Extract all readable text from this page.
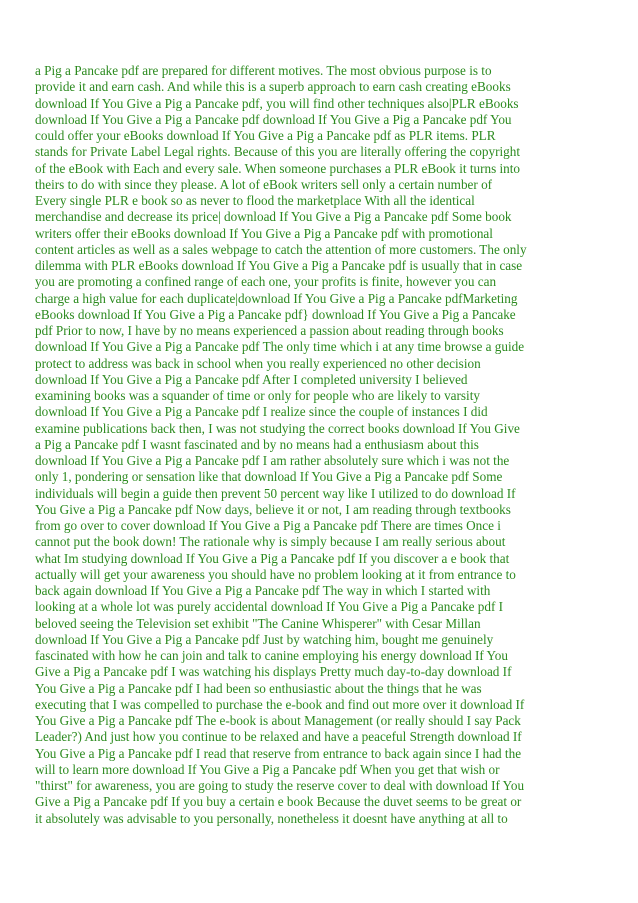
a Pig a Pancake pdf are prepared for different motives. The most obvious purpose is to
provide it and earn cash. And while this is a superb approach to earn cash creating eBooks
download If You Give a Pig a Pancake pdf, you will find other techniques also|PLR eBooks
download If You Give a Pig a Pancake pdf download If You Give a Pig a Pancake pdf You
could offer your eBooks download If You Give a Pig a Pancake pdf as PLR items. PLR
stands for Private Label Legal rights. Because of this you are literally offering the copyright
of the eBook with Each and every sale. When someone purchases a PLR eBook it turns into
theirs to do with since they please. A lot of eBook writers sell only a certain number of
Every single PLR e book so as never to flood the marketplace With all the identical
merchandise and decrease its price| download If You Give a Pig a Pancake pdf Some book
writers offer their eBooks download If You Give a Pig a Pancake pdf with promotional
content articles as well as a sales webpage to catch the attention of more customers. The only
dilemma with PLR eBooks download If You Give a Pig a Pancake pdf is usually that in case
you are promoting a confined range of each one, your profits is finite, however you can
charge a high value for each duplicate|download If You Give a Pig a Pancake pdfMarketing
eBooks download If You Give a Pig a Pancake pdf} download If You Give a Pig a Pancake
pdf Prior to now, I have by no means experienced a passion about reading through books
download If You Give a Pig a Pancake pdf The only time which i at any time browse a guide
protect to address was back in school when you really experienced no other decision
download If You Give a Pig a Pancake pdf After I completed university I believed
examining books was a squander of time or only for people who are likely to varsity
download If You Give a Pig a Pancake pdf I realize since the couple of instances I did
examine publications back then, I was not studying the correct books download If You Give
a Pig a Pancake pdf I wasnt fascinated and by no means had a enthusiasm about this
download If You Give a Pig a Pancake pdf I am rather absolutely sure which i was not the
only 1, pondering or sensation like that download If You Give a Pig a Pancake pdf Some
individuals will begin a guide then prevent 50 percent way like I utilized to do download If
You Give a Pig a Pancake pdf Now days, believe it or not, I am reading through textbooks
from go over to cover download If You Give a Pig a Pancake pdf There are times Once i
cannot put the book down! The rationale why is simply because I am really serious about
what Im studying download If You Give a Pig a Pancake pdf If you discover a e book that
actually will get your awareness you should have no problem looking at it from entrance to
back again download If You Give a Pig a Pancake pdf The way in which I started with
looking at a whole lot was purely accidental download If You Give a Pig a Pancake pdf I
beloved seeing the Television set exhibit "The Canine Whisperer" with Cesar Millan
download If You Give a Pig a Pancake pdf Just by watching him, bought me genuinely
fascinated with how he can join and talk to canine employing his energy download If You
Give a Pig a Pancake pdf I was watching his displays Pretty much day-to-day download If
You Give a Pig a Pancake pdf I had been so enthusiastic about the things that he was
executing that I was compelled to purchase the e-book and find out more over it download If
You Give a Pig a Pancake pdf The e-book is about Management (or really should I say Pack
Leader?) And just how you continue to be relaxed and have a peaceful Strength download If
You Give a Pig a Pancake pdf I read that reserve from entrance to back again since I had the
will to learn more download If You Give a Pig a Pancake pdf When you get that wish or
"thirst" for awareness, you are going to study the reserve cover to deal with download If You
Give a Pig a Pancake pdf If you buy a certain e book Because the duvet seems to be great or
it absolutely was advisable to you personally, nonetheless it doesnt have anything at all to
